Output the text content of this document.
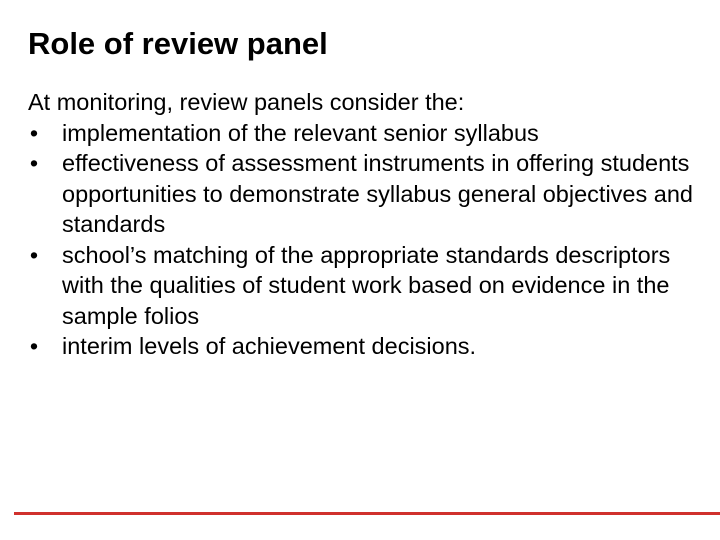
Role of review panel

At monitoring, review panels consider the:

• implementation of the relevant senior syllabus
• effectiveness of assessment instruments in offering students opportunities to demonstrate syllabus general objectives and standards
• school’s matching of the appropriate standards descriptors with the qualities of student work based on evidence in the sample folios
• interim levels of achievement decisions.
